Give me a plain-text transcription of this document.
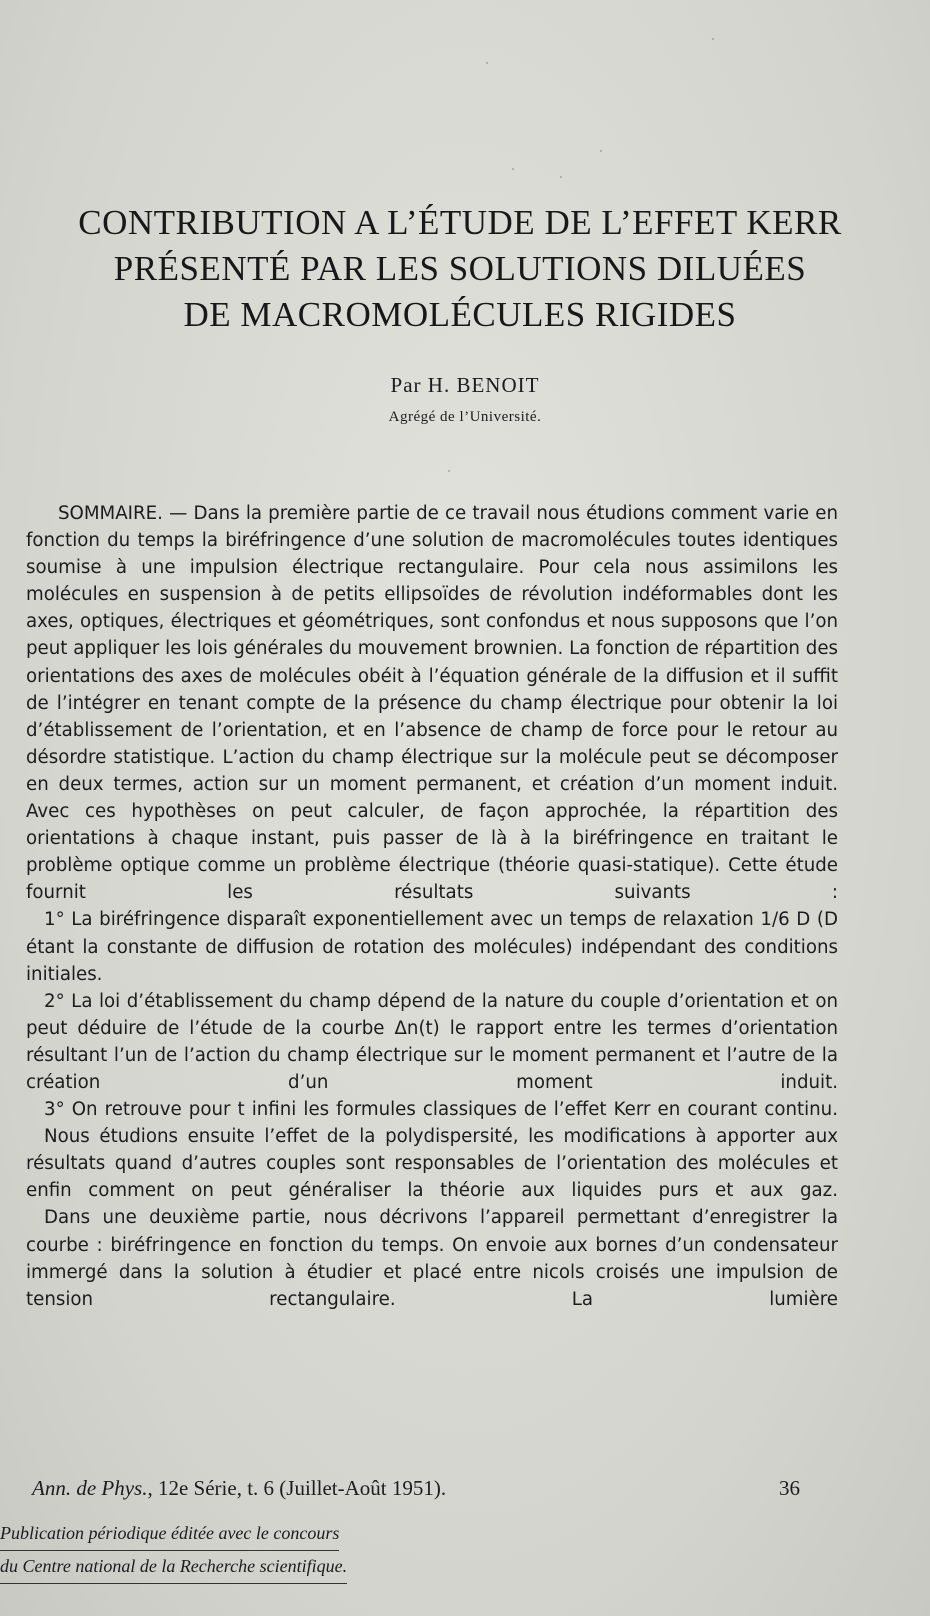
CONTRIBUTION A L’ÉTUDE DE L’EFFET KERR
PRÉSENTÉ PAR LES SOLUTIONS DILUÉES
DE MACROMOLÉCULES RIGIDES
Par H. BENOIT
Agrégé de l’Université.

SOMMAIRE. — Dans la première partie de ce travail nous étudions comment varie en fonction du temps la biréfringence d’une solution de macromolécules toutes identiques soumise à une impulsion électrique rectangulaire. Pour cela nous assimilons les molécules en suspension à de petits ellipsoïdes de révolution indéformables dont les axes, optiques, électriques et géométriques, sont confondus et nous supposons que l’on peut appliquer les lois générales du mouvement brownien. La fonction de répartition des orientations des axes de molécules obéit à l’équation générale de la diffusion et il suffit de l’intégrer en tenant compte de la présence du champ électrique pour obtenir la loi d’établissement de l’orientation, et en l’absence de champ de force pour le retour au désordre statistique. L’action du champ électrique sur la molécule peut se décomposer en deux termes, action sur un moment permanent, et création d’un moment induit. Avec ces hypothèses on peut calculer, de façon approchée, la répartition des orientations à chaque instant, puis passer de là à la biréfringence en traitant le problème optique comme un problème électrique (théorie quasi-statique). Cette étude fournit les résultats suivants :

1° La biréfringence disparaît exponentiellement avec un temps de relaxation 1/6 D (D étant la constante de diffusion de rotation des molécules) indépendant des conditions initiales.

2° La loi d’établissement du champ dépend de la nature du couple d’orientation et on peut déduire de l’étude de la courbe Δn(t) le rapport entre les termes d’orientation résultant l’un de l’action du champ électrique sur le moment permanent et l’autre de la création d’un moment induit.

3° On retrouve pour t infini les formules classiques de l’effet Kerr en courant continu.

Nous étudions ensuite l’effet de la polydispersité, les modifications à apporter aux résultats quand d’autres couples sont responsables de l’orientation des molécules et enfin comment on peut généraliser la théorie aux liquides purs et aux gaz.

Dans une deuxième partie, nous décrivons l’appareil permettant d’enregistrer la courbe : biréfringence en fonction du temps. On envoie aux bornes d’un condensateur immergé dans la solution à étudier et placé entre nicols croisés une impulsion de tension rectangulaire. La lumière

Ann. de Phys., 12e Série, t. 6 (Juillet-Août 1951).	36
Publication périodique éditée avec le concours
du Centre national de la Recherche scientifique.
